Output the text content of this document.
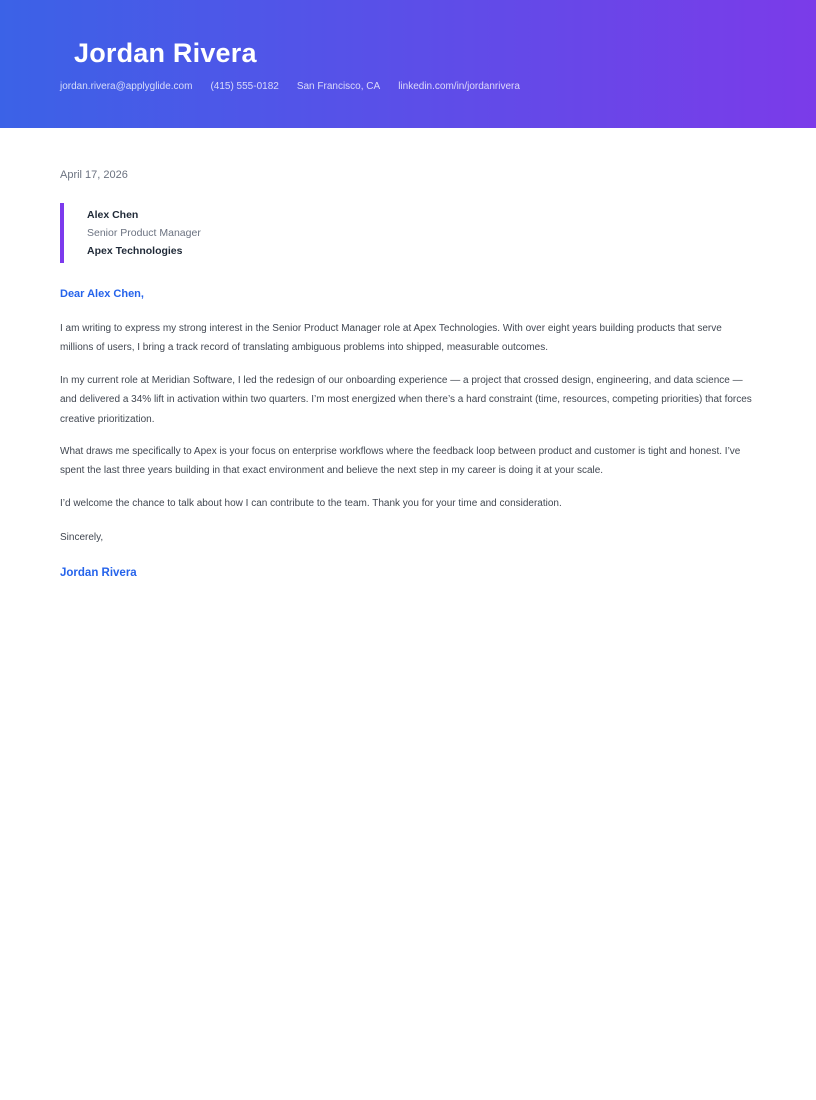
Jordan Rivera
jordan.rivera@applyglide.com (415) 555-0182 San Francisco, CA linkedin.com/in/jordanrivera

April 17, 2026

Alex Chen

Senior Product Manager

Apex Technologies

Dear Alex Chen,

I am writing to express my strong interest in the Senior Product Manager role at Apex Technologies. With over eight years building products that serve millions of users, I bring a track record of translating ambiguous problems into shipped, measurable outcomes.

In my current role at Meridian Software, I led the redesign of our onboarding experience — a project that crossed design, engineering, and data science — and delivered a 34% lift in activation within two quarters. I’m most energized when there’s a hard constraint (time, resources, competing priorities) that forces creative prioritization.

What draws me specifically to Apex is your focus on enterprise workflows where the feedback loop between product and customer is tight and honest. I’ve spent the last three years building in that exact environment and believe the next step in my career is doing it at your scale.

I’d welcome the chance to talk about how I can contribute to the team. Thank you for your time and consideration.

Sincerely,

Jordan Rivera
